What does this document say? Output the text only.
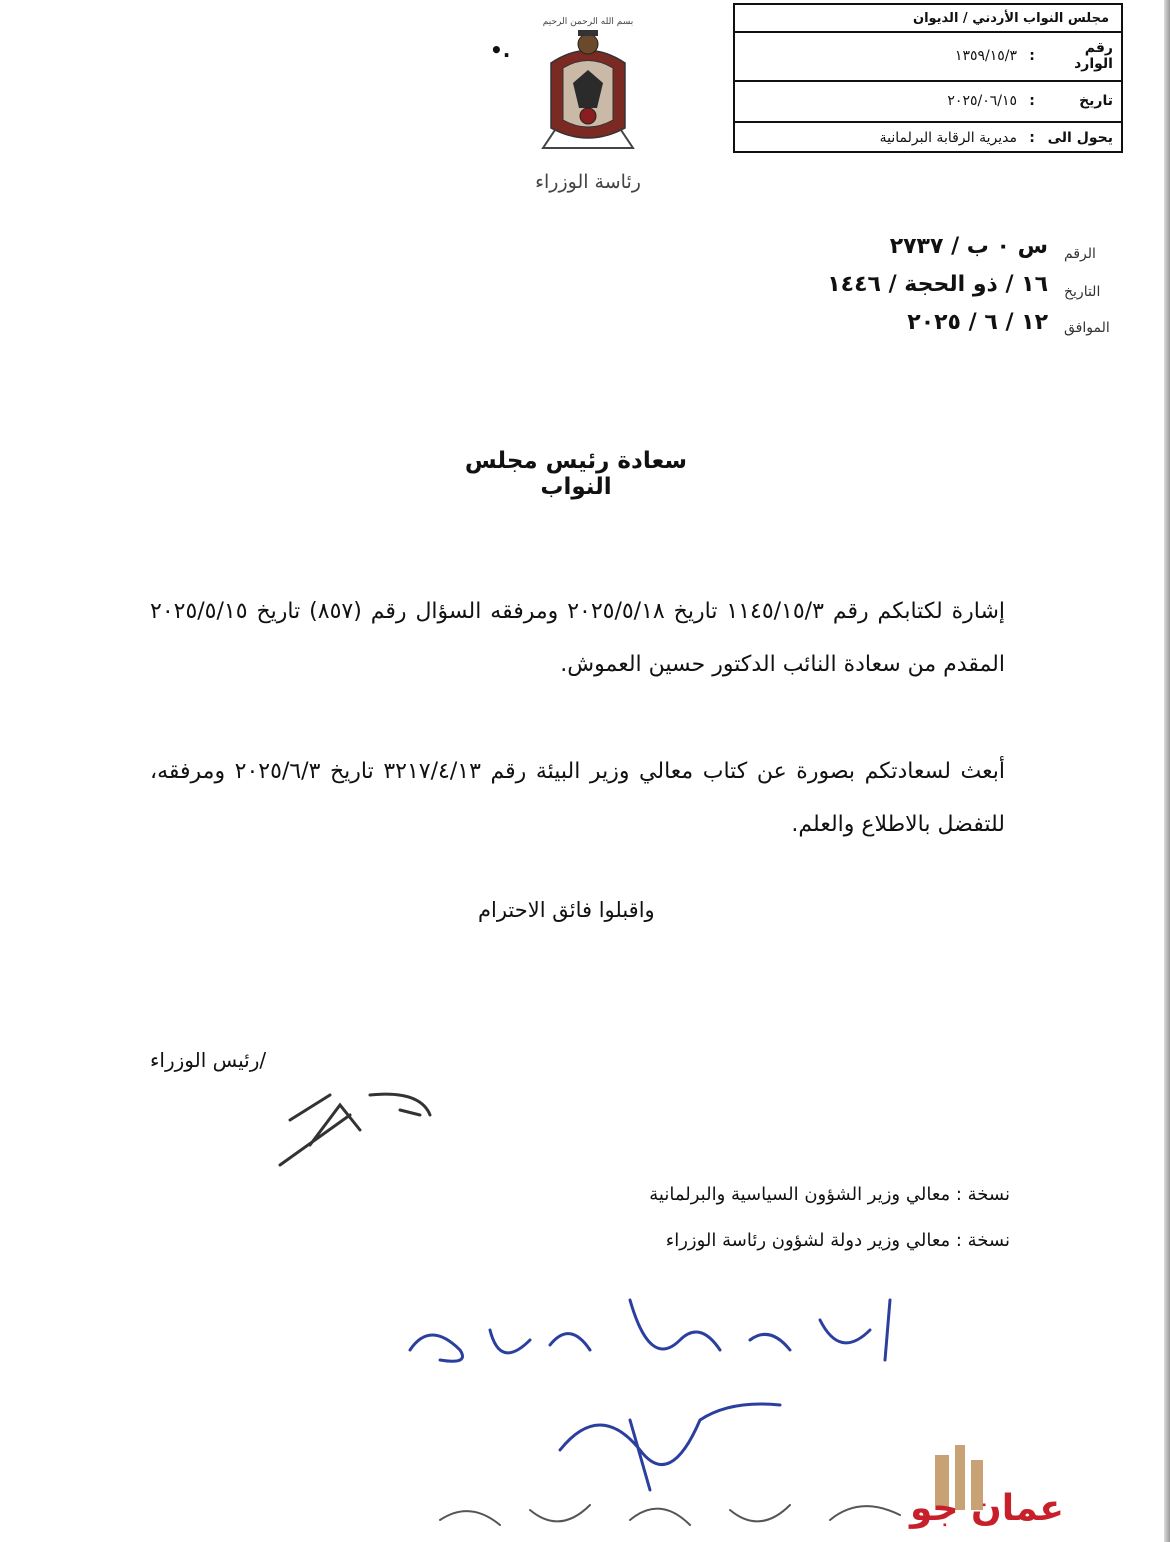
مجلس النواب الأردني / الديوان
رقم الوارد
:
١٣٥٩/١٥/٣
تاريخ
:
٢٠٢٥/٠٦/١٥
يحول الى
:
مديرية الرقابة البرلمانية
•.
بسم الله الرحمن الرحيم
رئاسة الوزراء
الرقم
التاريخ
الموافق
س ٠ ب / ٢٧٣٧
١٦ / ذو الحجة / ١٤٤٦
١٢ / ٦ / ٢٠٢٥
سعادة رئيس مجلس النواب
إشارة لكتابكم رقم ١١٤٥/١٥/٣ تاريخ ٢٠٢٥/٥/١٨ ومرفقه السؤال رقم (٨٥٧) تاريخ ٢٠٢٥/٥/١٥ المقدم من سعادة النائب الدكتور حسين العموش.
أبعث لسعادتكم بصورة عن كتاب معالي وزير البيئة رقم ٣٢١٧/٤/١٣ تاريخ ٢٠٢٥/٦/٣ ومرفقه، للتفضل بالاطلاع والعلم.
واقبلوا فائق الاحترام
/رئيس الوزراء
نسخة : معالي وزير الشؤون السياسية والبرلمانية
نسخة : معالي وزير دولة لشؤون رئاسة الوزراء
عمان جو
